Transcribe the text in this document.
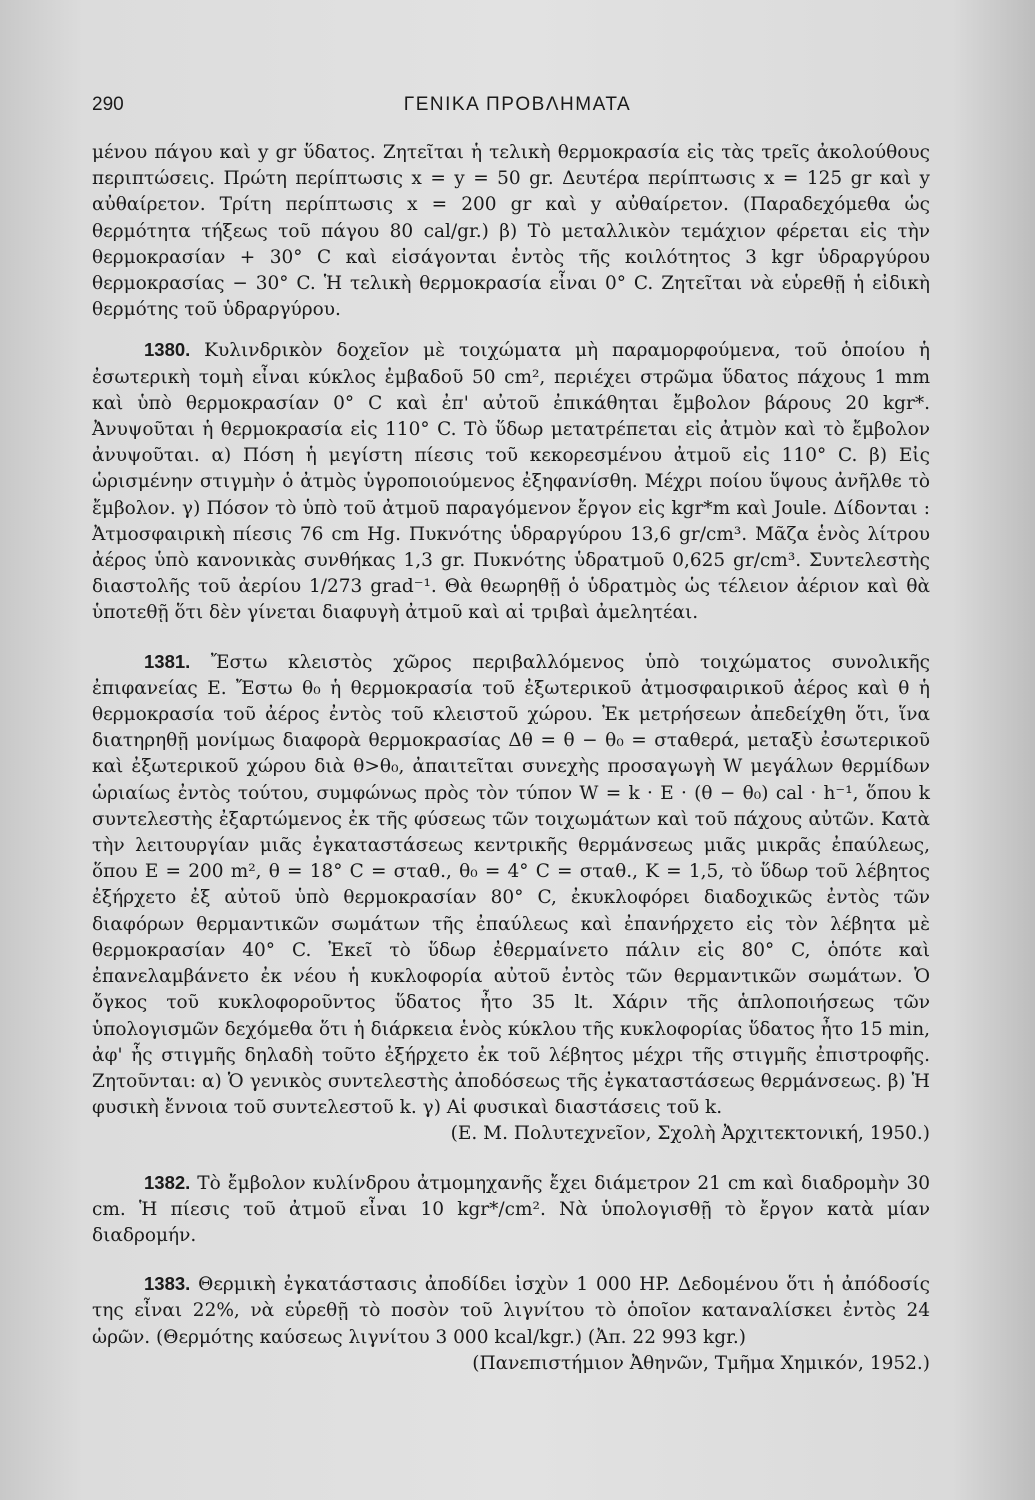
290	ΓΕΝΙΚΑ ΠΡΟΒΛΗΜΑΤΑ

μένου πάγου καὶ y gr ὕδατος. Ζητεῖται ἡ τελικὴ θερμοκρασία εἰς τὰς τρεῖς ἀκολούθους περιπτώσεις. Πρώτη περίπτωσις x = y = 50 gr. Δευτέρα περίπτωσις x = 125 gr καὶ y αὐθαίρετον. Τρίτη περίπτωσις x = 200 gr καὶ y αὐθαίρετον. (Παραδεχόμεθα ὡς θερμότητα τήξεως τοῦ πάγου 80 cal/gr.) β) Τὸ μεταλλικὸν τεμάχιον φέρεται εἰς τὴν θερμοκρασίαν + 30° C καὶ εἰσάγονται ἐντὸς τῆς κοιλότητος 3 kgr ὑδραργύρου θερμοκρασίας − 30° C. Ἡ τελικὴ θερμοκρασία εἶναι 0° C. Ζητεῖται νὰ εὑρεθῇ ἡ εἰδικὴ θερμότης τοῦ ὑδραργύρου.

1380. Κυλινδρικὸν δοχεῖον μὲ τοιχώματα μὴ παραμορφούμενα, τοῦ ὁποίου ἡ ἐσωτερικὴ τομὴ εἶναι κύκλος ἐμβαδοῦ 50 cm², περιέχει στρῶμα ὕδατος πάχους 1 mm καὶ ὑπὸ θερμοκρασίαν 0° C καὶ ἐπ' αὐτοῦ ἐπικάθηται ἔμβολον βάρους 20 kgr*. Ἀνυψοῦται ἡ θερμοκρασία εἰς 110° C. Τὸ ὕδωρ μετατρέπεται εἰς ἀτμὸν καὶ τὸ ἔμβολον ἀνυψοῦται. α) Πόση ἡ μεγίστη πίεσις τοῦ κεκορεσμένου ἀτμοῦ εἰς 110° C. β) Εἰς ὡρισμένην στιγμὴν ὁ ἀτμὸς ὑγροποιούμενος ἐξηφανίσθη. Μέχρι ποίου ὕψους ἀνῆλθε τὸ ἔμβολον. γ) Πόσον τὸ ὑπὸ τοῦ ἀτμοῦ παραγόμενον ἔργον εἰς kgr*m καὶ Joule. Δίδονται : Ἀτμοσφαιρικὴ πίεσις 76 cm Hg. Πυκνότης ὑδραργύρου 13,6 gr/cm³. Μᾶζα ἑνὸς λίτρου ἀέρος ὑπὸ κανονικὰς συνθήκας 1,3 gr. Πυκνότης ὑδρατμοῦ 0,625 gr/cm³. Συντελεστὴς διαστολῆς τοῦ ἀερίου 1/273 grad⁻¹. Θὰ θεωρηθῇ ὁ ὑδρατμὸς ὡς τέλειον ἀέριον καὶ θὰ ὑποτεθῇ ὅτι δὲν γίνεται διαφυγὴ ἀτμοῦ καὶ αἱ τριβαὶ ἀμελητέαι.

1381. Ἔστω κλειστὸς χῶρος περιβαλλόμενος ὑπὸ τοιχώματος συνολικῆς ἐπιφανείας Ε. Ἔστω θ₀ ἡ θερμοκρασία τοῦ ἐξωτερικοῦ ἀτμοσφαιρικοῦ ἀέρος καὶ θ ἡ θερμοκρασία τοῦ ἀέρος ἐντὸς τοῦ κλειστοῦ χώρου. Ἐκ μετρήσεων ἀπεδείχθη ὅτι, ἵνα διατηρηθῇ μονίμως διαφορὰ θερμοκρασίας Δθ = θ − θ₀ = σταθερά, μεταξὺ ἐσωτερικοῦ καὶ ἐξωτερικοῦ χώρου διὰ θ>θ₀, ἀπαιτεῖται συνεχὴς προσαγωγὴ W μεγάλων θερμίδων ὡριαίως ἐντὸς τούτου, συμφώνως πρὸς τὸν τύπον W = k · E · (θ − θ₀) cal · h⁻¹, ὅπου k συντελεστὴς ἐξαρτώμενος ἐκ τῆς φύσεως τῶν τοιχωμάτων καὶ τοῦ πάχους αὐτῶν. Κατὰ τὴν λειτουργίαν μιᾶς ἐγκαταστάσεως κεντρικῆς θερμάνσεως μιᾶς μικρᾶς ἐπαύλεως, ὅπου E = 200 m², θ = 18° C = σταθ., θ₀ = 4° C = σταθ., K = 1,5, τὸ ὕδωρ τοῦ λέβητος ἐξήρχετο ἐξ αὐτοῦ ὑπὸ θερμοκρασίαν 80° C, ἐκυκλοφόρει διαδοχικῶς ἐντὸς τῶν διαφόρων θερμαντικῶν σωμάτων τῆς ἐπαύλεως καὶ ἐπανήρχετο εἰς τὸν λέβητα μὲ θερμοκρασίαν 40° C. Ἐκεῖ τὸ ὕδωρ ἐθερμαίνετο πάλιν εἰς 80° C, ὁπότε καὶ ἐπανελαμβάνετο ἐκ νέου ἡ κυκλοφορία αὐτοῦ ἐντὸς τῶν θερμαντικῶν σωμάτων. Ὁ ὄγκος τοῦ κυκλοφοροῦντος ὕδατος ἦτο 35 lt. Χάριν τῆς ἁπλοποιήσεως τῶν ὑπολογισμῶν δεχόμεθα ὅτι ἡ διάρκεια ἑνὸς κύκλου τῆς κυκλοφορίας ὕδατος ἦτο 15 min, ἀφ' ἧς στιγμῆς δηλαδὴ τοῦτο ἐξήρχετο ἐκ τοῦ λέβητος μέχρι τῆς στιγμῆς ἐπιστροφῆς. Ζητοῦνται: α) Ὁ γενικὸς συντελεστὴς ἀποδόσεως τῆς ἐγκαταστάσεως θερμάνσεως. β) Ἡ φυσικὴ ἔννοια τοῦ συντελεστοῦ k. γ) Αἱ φυσικαὶ διαστάσεις τοῦ k.

(Ε. Μ. Πολυτεχνεῖον, Σχολὴ Ἀρχιτεκτονική, 1950.)

1382. Τὸ ἔμβολον κυλίνδρου ἀτμομηχανῆς ἔχει διάμετρον 21 cm καὶ διαδρομὴν 30 cm. Ἡ πίεσις τοῦ ἀτμοῦ εἶναι 10 kgr*/cm². Νὰ ὑπολογισθῇ τὸ ἔργον κατὰ μίαν διαδρομήν.

1383. Θερμικὴ ἐγκατάστασις ἀποδίδει ἰσχὺν 1 000 HP. Δεδομένου ὅτι ἡ ἀπόδοσίς της εἶναι 22%, νὰ εὑρεθῇ τὸ ποσὸν τοῦ λιγνίτου τὸ ὁποῖον καταναλίσκει ἐντὸς 24 ὡρῶν. (Θερμότης καύσεως λιγνίτου 3 000 kcal/kgr.) (Ἀπ. 22 993 kgr.)

(Πανεπιστήμιον Ἀθηνῶν, Τμῆμα Χημικόν, 1952.)
